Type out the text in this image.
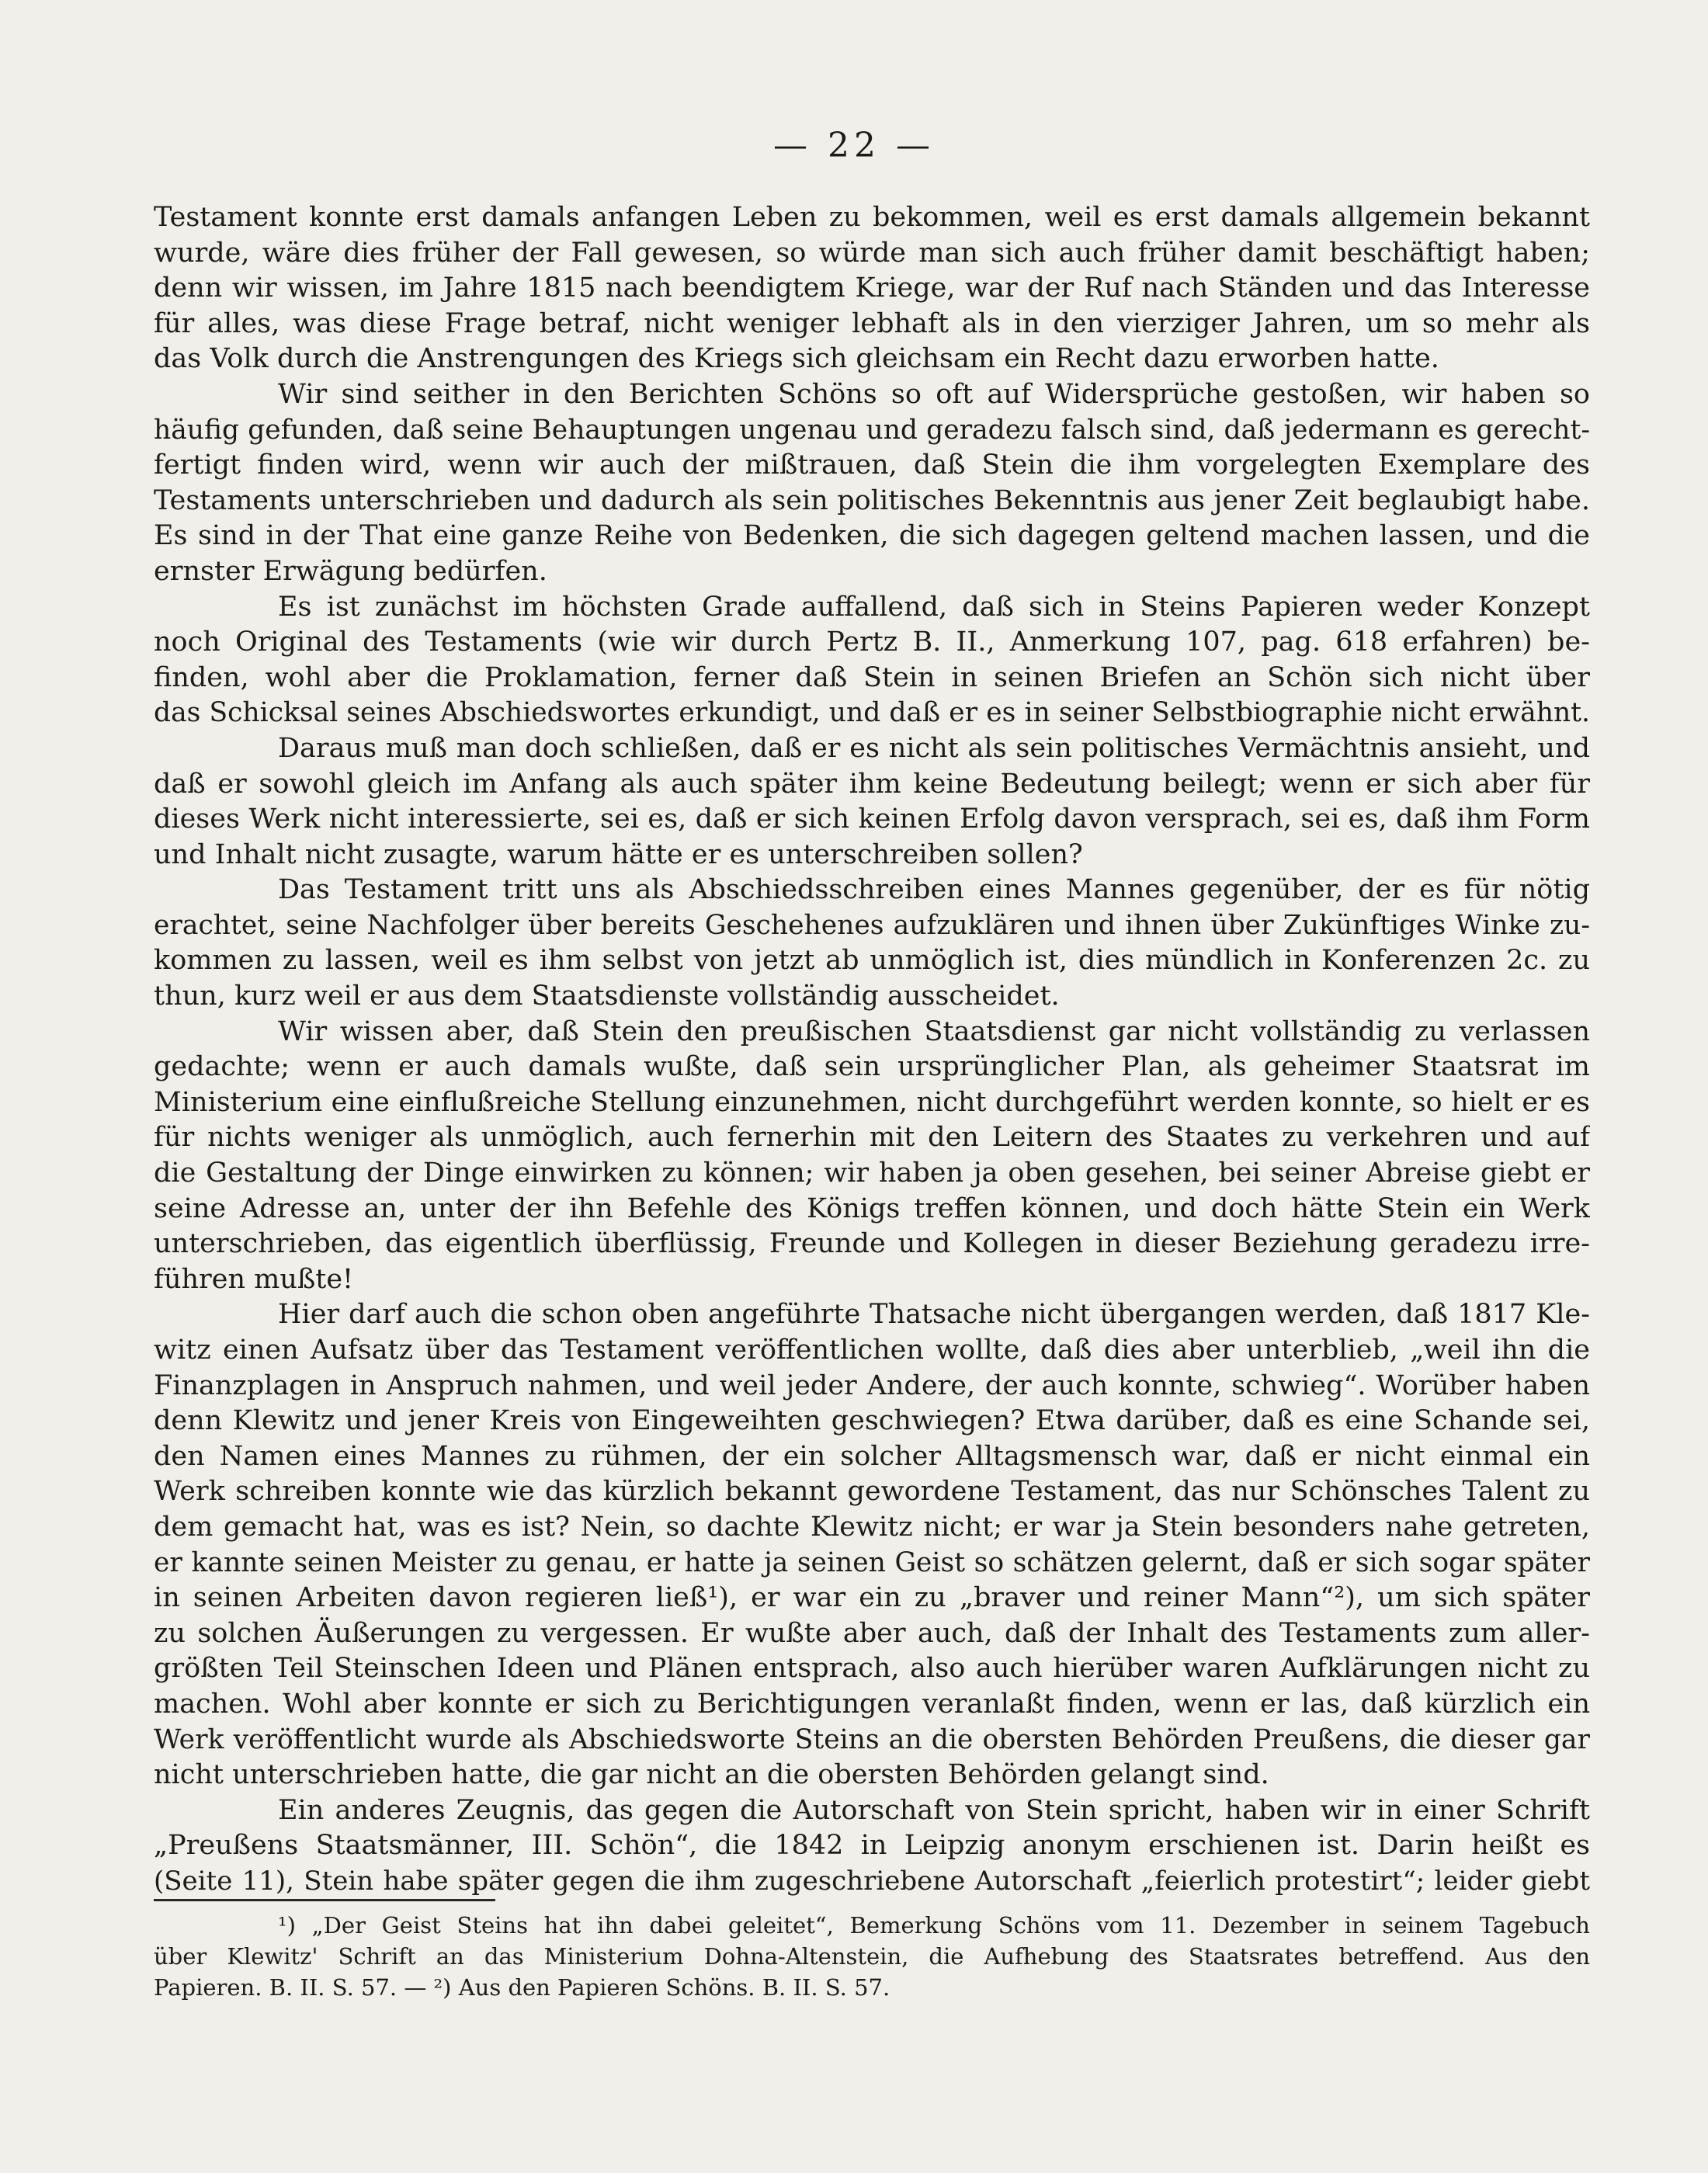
— 22 —
Testament konnte erst damals anfangen Leben zu bekommen, weil es erst damals allgemein bekannt
wurde, wäre dies früher der Fall gewesen, so würde man sich auch früher damit beschäftigt haben;
denn wir wissen, im Jahre 1815 nach beendigtem Kriege, war der Ruf nach Ständen und das Interesse
für alles, was diese Frage betraf, nicht weniger lebhaft als in den vierziger Jahren, um so mehr als
das Volk durch die Anstrengungen des Kriegs sich gleichsam ein Recht dazu erworben hatte.
Wir sind seither in den Berichten Schöns so oft auf Widersprüche gestoßen, wir haben so
häufig gefunden, daß seine Behauptungen ungenau und geradezu falsch sind, daß jedermann es gerecht-
fertigt finden wird, wenn wir auch der mißtrauen, daß Stein die ihm vorgelegten Exemplare des
Testaments unterschrieben und dadurch als sein politisches Bekenntnis aus jener Zeit beglaubigt habe.
Es sind in der That eine ganze Reihe von Bedenken, die sich dagegen geltend machen lassen, und die
ernster Erwägung bedürfen.
Es ist zunächst im höchsten Grade auffallend, daß sich in Steins Papieren weder Konzept
noch Original des Testaments (wie wir durch Pertz B. II., Anmerkung 107, pag. 618 erfahren) be-
finden, wohl aber die Proklamation, ferner daß Stein in seinen Briefen an Schön sich nicht über
das Schicksal seines Abschiedswortes erkundigt, und daß er es in seiner Selbstbiographie nicht erwähnt.
Daraus muß man doch schließen, daß er es nicht als sein politisches Vermächtnis ansieht, und
daß er sowohl gleich im Anfang als auch später ihm keine Bedeutung beilegt; wenn er sich aber für
dieses Werk nicht interessierte, sei es, daß er sich keinen Erfolg davon versprach, sei es, daß ihm Form
und Inhalt nicht zusagte, warum hätte er es unterschreiben sollen?
Das Testament tritt uns als Abschiedsschreiben eines Mannes gegenüber, der es für nötig
erachtet, seine Nachfolger über bereits Geschehenes aufzuklären und ihnen über Zukünftiges Winke zu-
kommen zu lassen, weil es ihm selbst von jetzt ab unmöglich ist, dies mündlich in Konferenzen 2c. zu
thun, kurz weil er aus dem Staatsdienste vollständig ausscheidet.
Wir wissen aber, daß Stein den preußischen Staatsdienst gar nicht vollständig zu verlassen
gedachte; wenn er auch damals wußte, daß sein ursprünglicher Plan, als geheimer Staatsrat im
Ministerium eine einflußreiche Stellung einzunehmen, nicht durchgeführt werden konnte, so hielt er es
für nichts weniger als unmöglich, auch fernerhin mit den Leitern des Staates zu verkehren und auf
die Gestaltung der Dinge einwirken zu können; wir haben ja oben gesehen, bei seiner Abreise giebt er
seine Adresse an, unter der ihn Befehle des Königs treffen können, und doch hätte Stein ein Werk
unterschrieben, das eigentlich überflüssig, Freunde und Kollegen in dieser Beziehung geradezu irre-
führen mußte!
Hier darf auch die schon oben angeführte Thatsache nicht übergangen werden, daß 1817 Kle-
witz einen Aufsatz über das Testament veröffentlichen wollte, daß dies aber unterblieb, „weil ihn die
Finanzplagen in Anspruch nahmen, und weil jeder Andere, der auch konnte, schwieg“. Worüber haben
denn Klewitz und jener Kreis von Eingeweihten geschwiegen? Etwa darüber, daß es eine Schande sei,
den Namen eines Mannes zu rühmen, der ein solcher Alltagsmensch war, daß er nicht einmal ein
Werk schreiben konnte wie das kürzlich bekannt gewordene Testament, das nur Schönsches Talent zu
dem gemacht hat, was es ist? Nein, so dachte Klewitz nicht; er war ja Stein besonders nahe getreten,
er kannte seinen Meister zu genau, er hatte ja seinen Geist so schätzen gelernt, daß er sich sogar später
in seinen Arbeiten davon regieren ließ¹), er war ein zu „braver und reiner Mann“²), um sich später
zu solchen Äußerungen zu vergessen. Er wußte aber auch, daß der Inhalt des Testaments zum aller-
größten Teil Steinschen Ideen und Plänen entsprach, also auch hierüber waren Aufklärungen nicht zu
machen. Wohl aber konnte er sich zu Berichtigungen veranlaßt finden, wenn er las, daß kürzlich ein
Werk veröffentlicht wurde als Abschiedsworte Steins an die obersten Behörden Preußens, die dieser gar
nicht unterschrieben hatte, die gar nicht an die obersten Behörden gelangt sind.
Ein anderes Zeugnis, das gegen die Autorschaft von Stein spricht, haben wir in einer Schrift
„Preußens Staatsmänner, III. Schön“, die 1842 in Leipzig anonym erschienen ist. Darin heißt es
(Seite 11), Stein habe später gegen die ihm zugeschriebene Autorschaft „feierlich protestirt“; leider giebt
¹) „Der Geist Steins hat ihn dabei geleitet“, Bemerkung Schöns vom 11. Dezember in seinem Tagebuch
über Klewitz' Schrift an das Ministerium Dohna-Altenstein, die Aufhebung des Staatsrates betreffend. Aus den
Papieren. B. II. S. 57. — ²) Aus den Papieren Schöns. B. II. S. 57.
